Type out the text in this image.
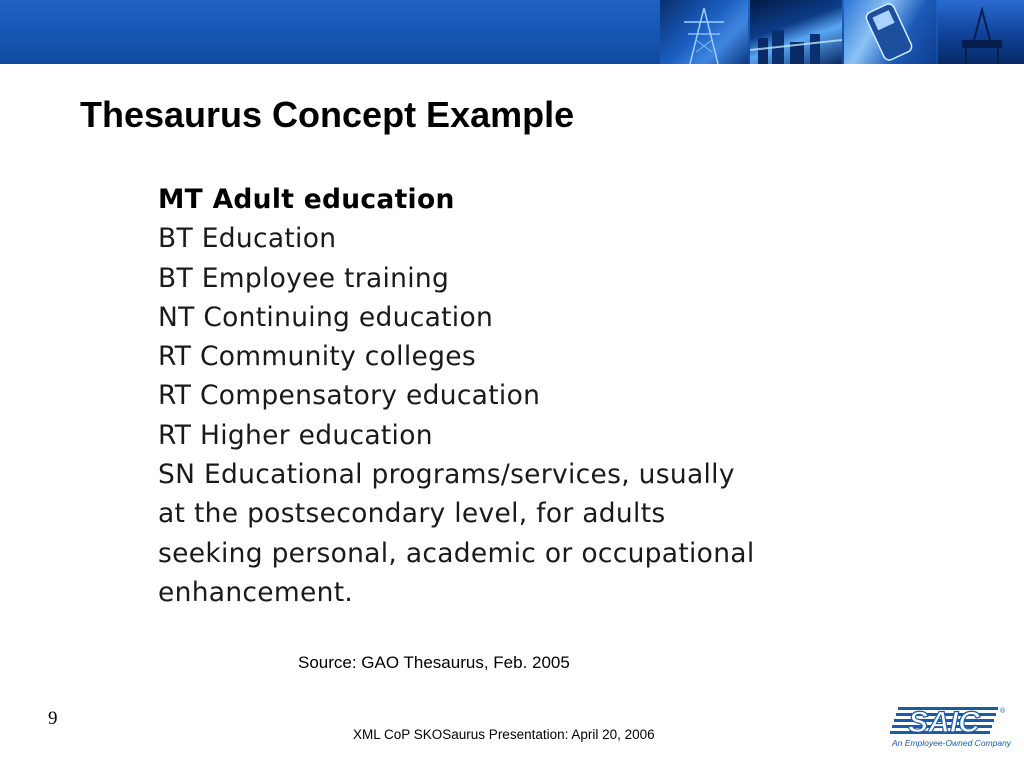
Thesaurus Concept Example
MT Adult education
BT Education
BT Employee training
NT Continuing education
RT Community colleges
RT Compensatory education
RT Higher education
SN Educational programs/services, usually
at the postsecondary level, for adults
seeking personal, academic or occupational
enhancement.
Source: GAO Thesaurus, Feb. 2005
9
XML CoP SKOSaurus Presentation: April 20, 2006	SAIC	®
An Employee-Owned Company
